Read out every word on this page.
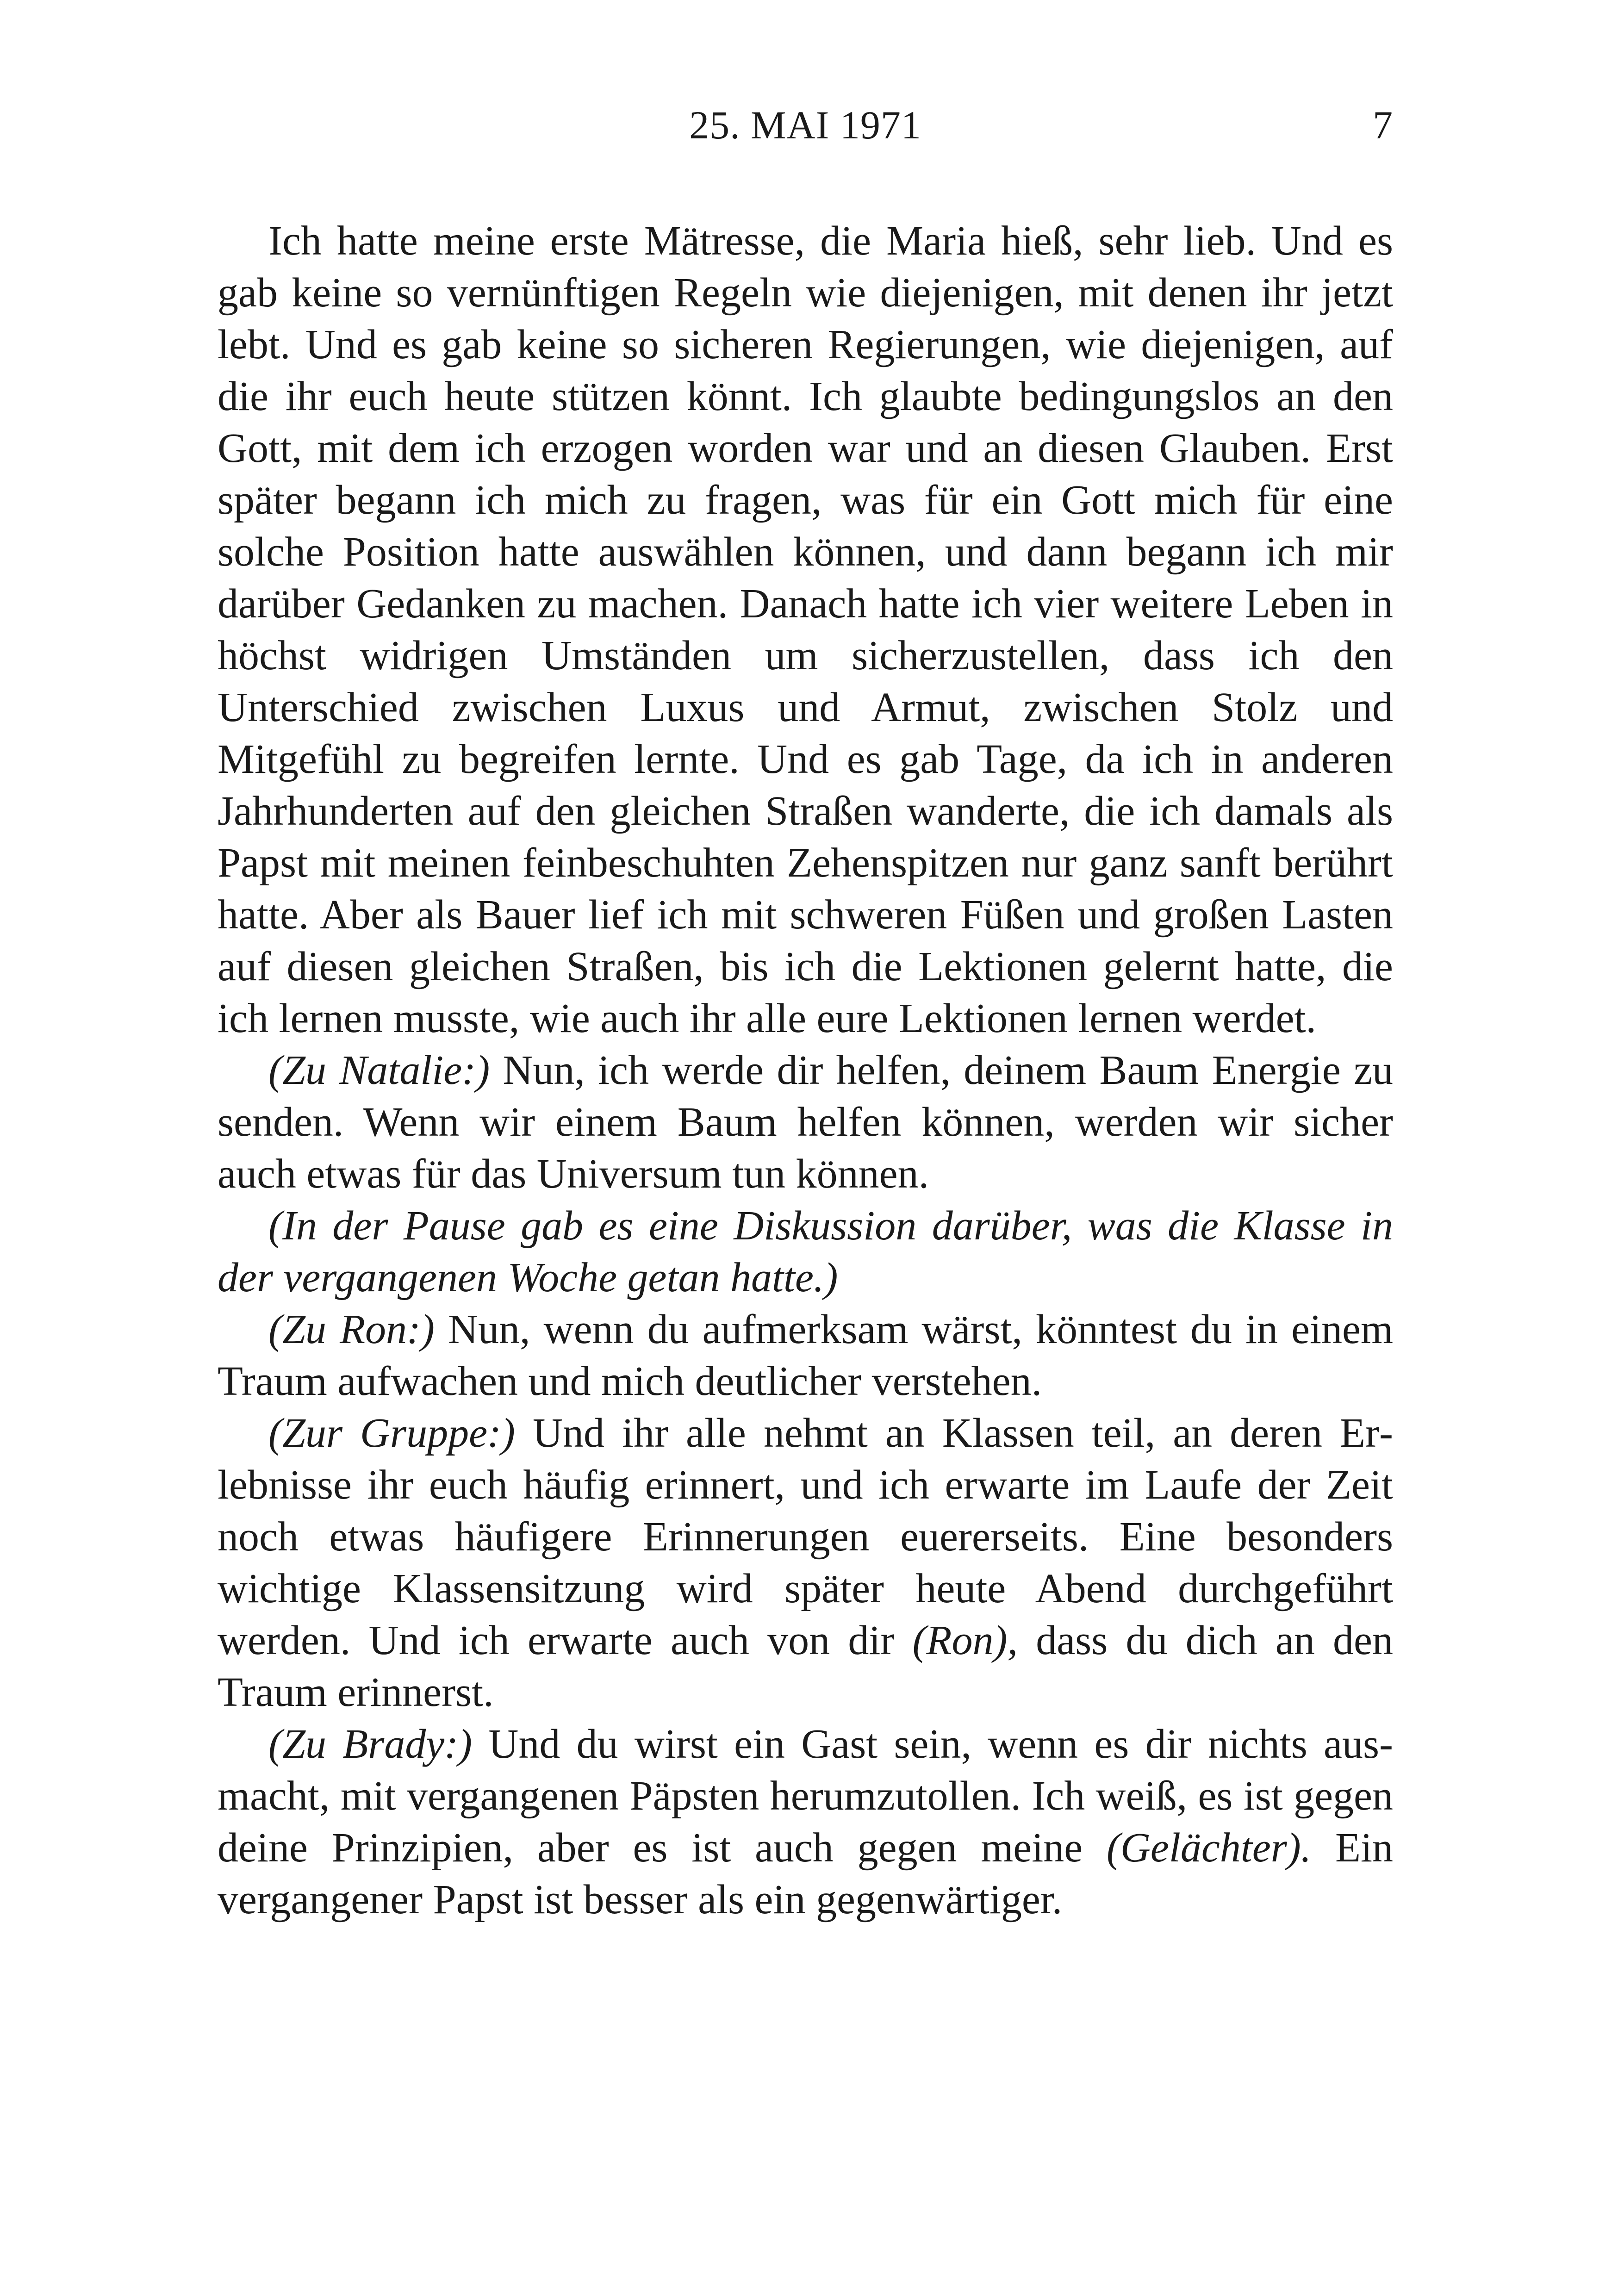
25. MAI 1971	7

Ich hatte meine erste Mätresse, die Maria hieß, sehr lieb. Und es gab keine so vernünftigen Regeln wie diejenigen, mit denen ihr jetzt lebt. Und es gab keine so sicheren Regierungen, wie diejenigen, auf die ihr euch heute stützen könnt. Ich glaubte bedingungslos an den Gott, mit dem ich erzogen worden war und an diesen Glauben. Erst später begann ich mich zu fragen, was für ein Gott mich für eine solche Position hatte auswählen können, und dann begann ich mir darüber Gedanken zu machen. Danach hatte ich vier weitere Leben in höchst widrigen Umständen um sicherzustellen, dass ich den Unterschied zwischen Luxus und Armut, zwischen Stolz und Mitgefühl zu begreifen lernte. Und es gab Tage, da ich in anderen Jahrhunderten auf den gleichen Straßen wanderte, die ich damals als Papst mit meinen feinbeschuhten Zehenspitzen nur ganz sanft berührt hatte. Aber als Bauer lief ich mit schweren Füßen und großen Lasten auf diesen gleichen Straßen, bis ich die Lektionen gelernt hatte, die ich lernen musste, wie auch ihr alle eure Lektionen lernen werdet.

(Zu Natalie:) Nun, ich werde dir helfen, deinem Baum Energie zu senden. Wenn wir einem Baum helfen können, werden wir sicher auch etwas für das Universum tun können.

(In der Pause gab es eine Diskussion darüber, was die Klasse in der vergangenen Woche getan hatte.)

(Zu Ron:) Nun, wenn du aufmerksam wärst, könntest du in einem Traum aufwachen und mich deutlicher verstehen.

(Zur Gruppe:) Und ihr alle nehmt an Klassen teil, an deren Erlebnisse ihr euch häufig erinnert, und ich erwarte im Laufe der Zeit noch etwas häufigere Erinnerungen euererseits. Eine besonders wichtige Klassensitzung wird später heute Abend durchgeführt werden. Und ich erwarte auch von dir (Ron), dass du dich an den Traum erinnerst.

(Zu Brady:) Und du wirst ein Gast sein, wenn es dir nichts ausmacht, mit vergangenen Päpsten herumzutollen. Ich weiß, es ist gegen deine Prinzipien, aber es ist auch gegen meine (Gelächter). Ein vergangener Papst ist besser als ein gegenwärtiger.
